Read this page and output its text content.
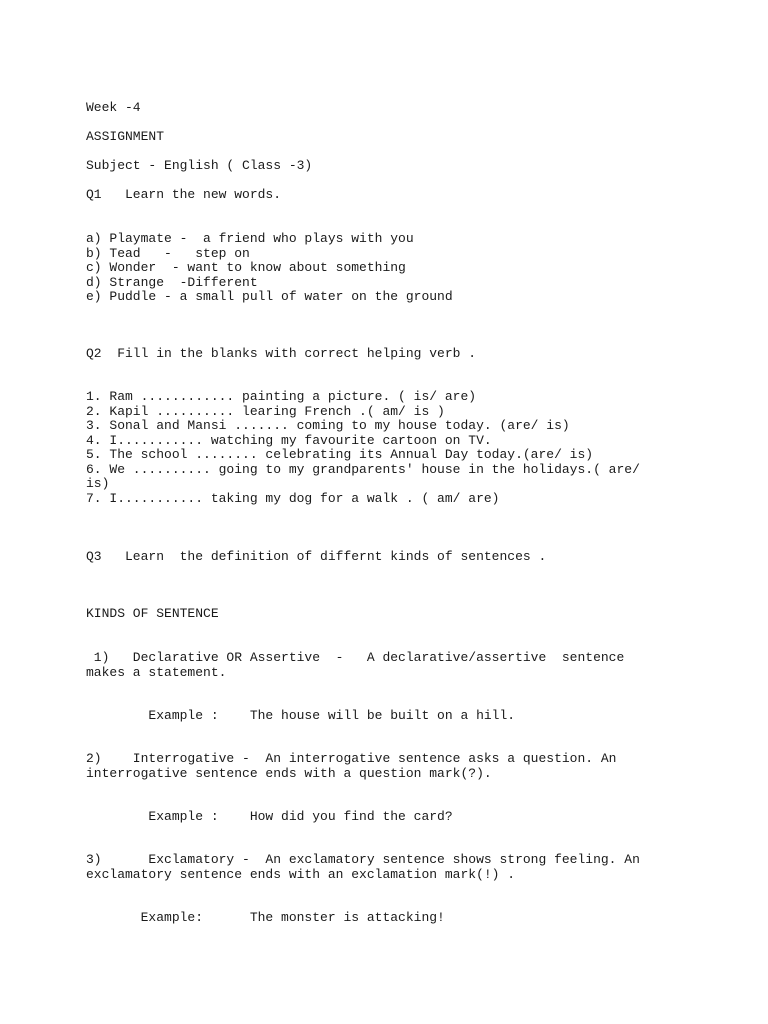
Week -4

ASSIGNMENT

Subject - English ( Class -3)

Q1   Learn the new words.

a) Playmate -  a friend who plays with you

b) Tead   -   step on

c) Wonder  - want to know about something

d) Strange  -Different

e) Puddle - a small pull of water on the ground

Q2  Fill in the blanks with correct helping verb .

1. Ram ............ painting a picture. ( is/ are)

2. Kapil .......... learing French .( am/ is )

3. Sonal and Mansi ....... coming to my house today. (are/ is)

4. I........... watching my favourite cartoon on TV.

5. The school ........ celebrating its Annual Day today.(are/ is)

6. We .......... going to my grandparents' house in the holidays.( are/

is)

7. I........... taking my dog for a walk . ( am/ are)

Q3   Learn  the definition of differnt kinds of sentences .

KINDS OF SENTENCE

1)   Declarative OR Assertive  -   A declarative/assertive  sentence

makes a statement.

Example :    The house will be built on a hill.

2)    Interrogative -  An interrogative sentence asks a question. An

interrogative sentence ends with a question mark(?).

Example :    How did you find the card?

3)      Exclamatory -  An exclamatory sentence shows strong feeling. An

exclamatory sentence ends with an exclamation mark(!) .

Example:      The monster is attacking!
